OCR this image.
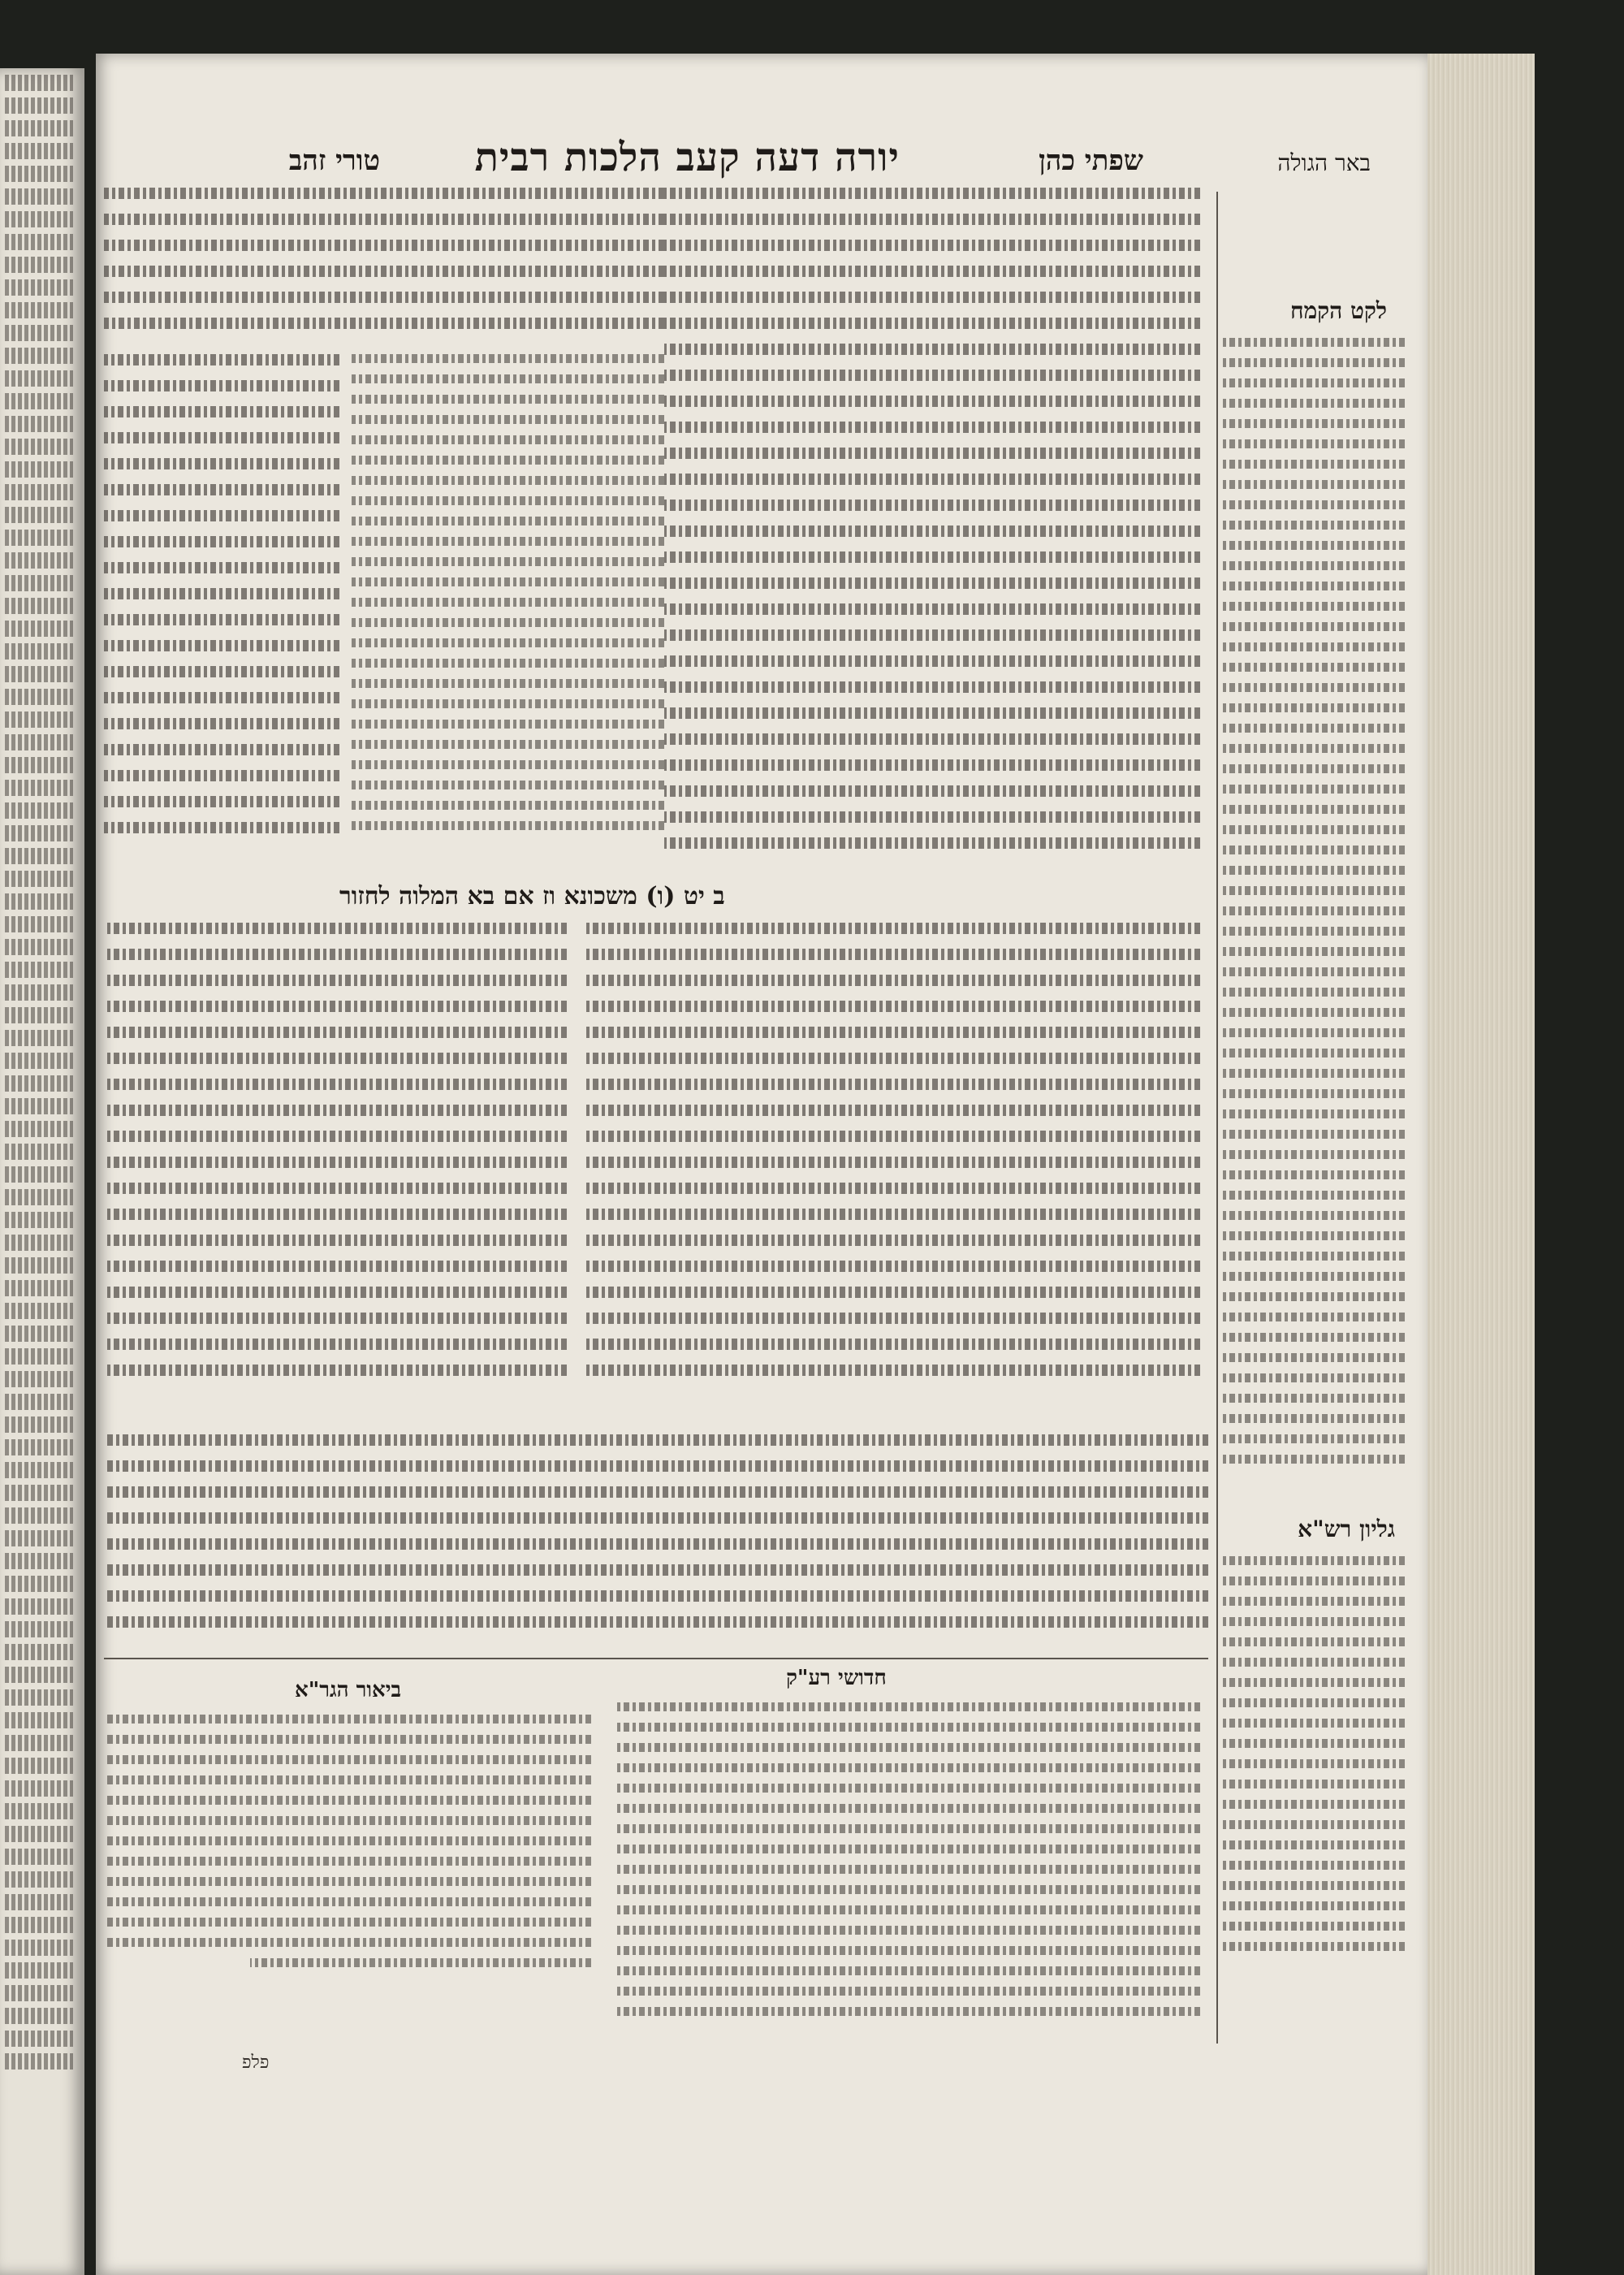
באר הגולה
שפתי כהן
יורה דעה קעב הלכות רבית
טורי זהב
לקט הקמח
גליון רש"א
ב יט (ו) משכונא וז אם בא המלוה לחזור
חדושי רע"ק
ביאור הגר"א
פלפ
